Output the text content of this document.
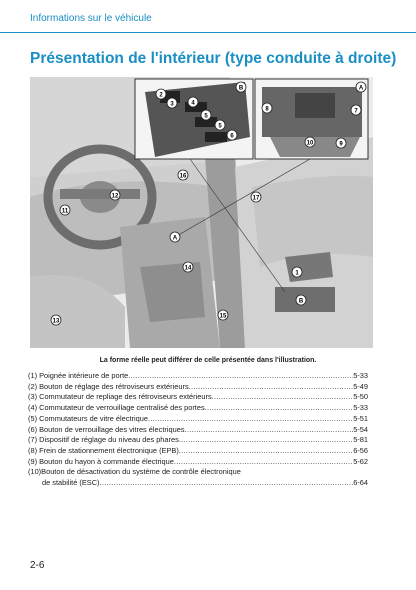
Informations sur le véhicule
Présentation de l'intérieur (type conduite à droite)
B	A
A
B
1
2
3	4
5
5
6
7
8
9
10
11
12
13
14
15
16
17
La forme réelle peut différer de celle présentée dans l'illustration.
(1) Poignée intérieure de porte .....	5-33
(2) Bouton de réglage des rétroviseurs extérieurs .....	5-49
(3) Commutateur de repliage des rétroviseurs extérieurs .....	5-50
(4) Commutateur de verrouillage centralisé des portes .....	5-33
(5) Commutateurs de vitre électrique .....	5-51
(6) Bouton de verrouillage des vitres électriques .....	5-54
(7) Dispositif de réglage du niveau des phares .....	5-81
(8) Frein de stationnement électronique (EPB) .....	6-56
(9) Bouton du hayon à commande électrique .....	5-62
(10)Bouton de désactivation du système de contrôle électronique
de stabilité (ESC) .....	6-64
2-6
